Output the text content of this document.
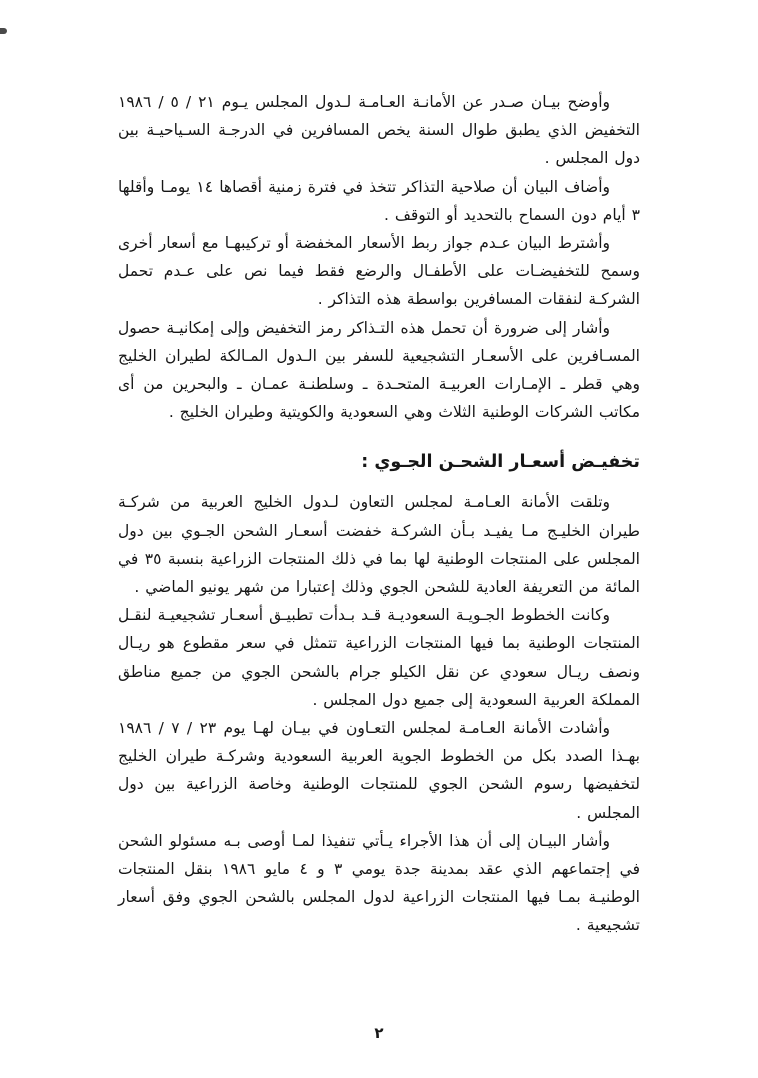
وأوضح بيـان صـدر عن الأمانـة العـامـة لـدول المجلس يـوم ٢١ / ٥ / ١٩٨٦ التخفيض الذي يطبق طوال السنة يخص المسافرين في الدرجـة السـياحيـة بين دول المجلس .

وأضاف البيان أن صلاحية التذاكر تتخذ في فترة زمنية أقصاها ١٤ يومـا وأقلها ٣ أيام دون السماح بالتحديد أو التوقف .

وأشترط البيان عـدم جواز ربط الأسعار المخفضة أو تركيبهـا مع أسعار أخرى وسمح للتخفيضـات على الأطفـال والرضع فقط فيما نص على عـدم تحمل الشركـة لنفقات المسافرين بواسطة هذه التذاكر .

وأشار إلى ضرورة أن تحمل هذه التـذاكر رمز التخفيض وإلى إمكانيـة حصول المسـافرين على الأسعـار التشجيعية للسفر بين الـدول المـالكة لطيران الخليج وهي قطر ـ الإمـارات العربيـة المتحـدة ـ وسلطنـة عمـان ـ والبحرين من أى مكاتب الشركات الوطنية الثلاث وهي السعودية والكويتية وطيران الخليج .

تخفيـض أسعـار الشحـن الجـوي :

وتلقت الأمانة العـامـة لمجلس التعاون لـدول الخليج العربية من شركـة طيران الخليـج مـا يفيـد بـأن الشركـة خفضت أسعـار الشحن الجـوي بين دول المجلس على المنتجات الوطنية لها بما في ذلك المنتجات الزراعية بنسبة ٣٥ في المائة من التعريفة العادية للشحن الجوي وذلك إعتبارا من شهر يونيو الماضي .

وكانت الخطوط الجـويـة السعوديـة قـد بـدأت تطبيـق أسعـار تشجيعيـة لنقـل المنتجات الوطنية بما فيها المنتجات الزراعية تتمثل في سعر مقطوع هو ريـال ونصف ريـال سعودي عن نقل الكيلو جرام بالشحن الجوي من جميع مناطق المملكة العربية السعودية إلى جميع دول المجلس .

وأشادت الأمانة العـامـة لمجلس التعـاون في بيـان لهـا يوم ٢٣ / ٧ / ١٩٨٦ بهـذا الصدد بكل من الخطوط الجوية العربية السعودية وشركـة طيران الخليج لتخفيضها رسوم الشحن الجوي للمنتجات الوطنية وخاصة الزراعية بين دول المجلس .

وأشار البيـان إلى أن هذا الأجراء يـأتي تنفيذا لمـا أوصى بـه مسئولو الشحن في إجتماعهم الذي عقد بمدينة جدة يومي ٣ و ٤ مايو ١٩٨٦ بنقل المنتجات الوطنيـة بمـا فيها المنتجات الزراعية لدول المجلس بالشحن الجوي وفق أسعار تشجيعية .

٢
